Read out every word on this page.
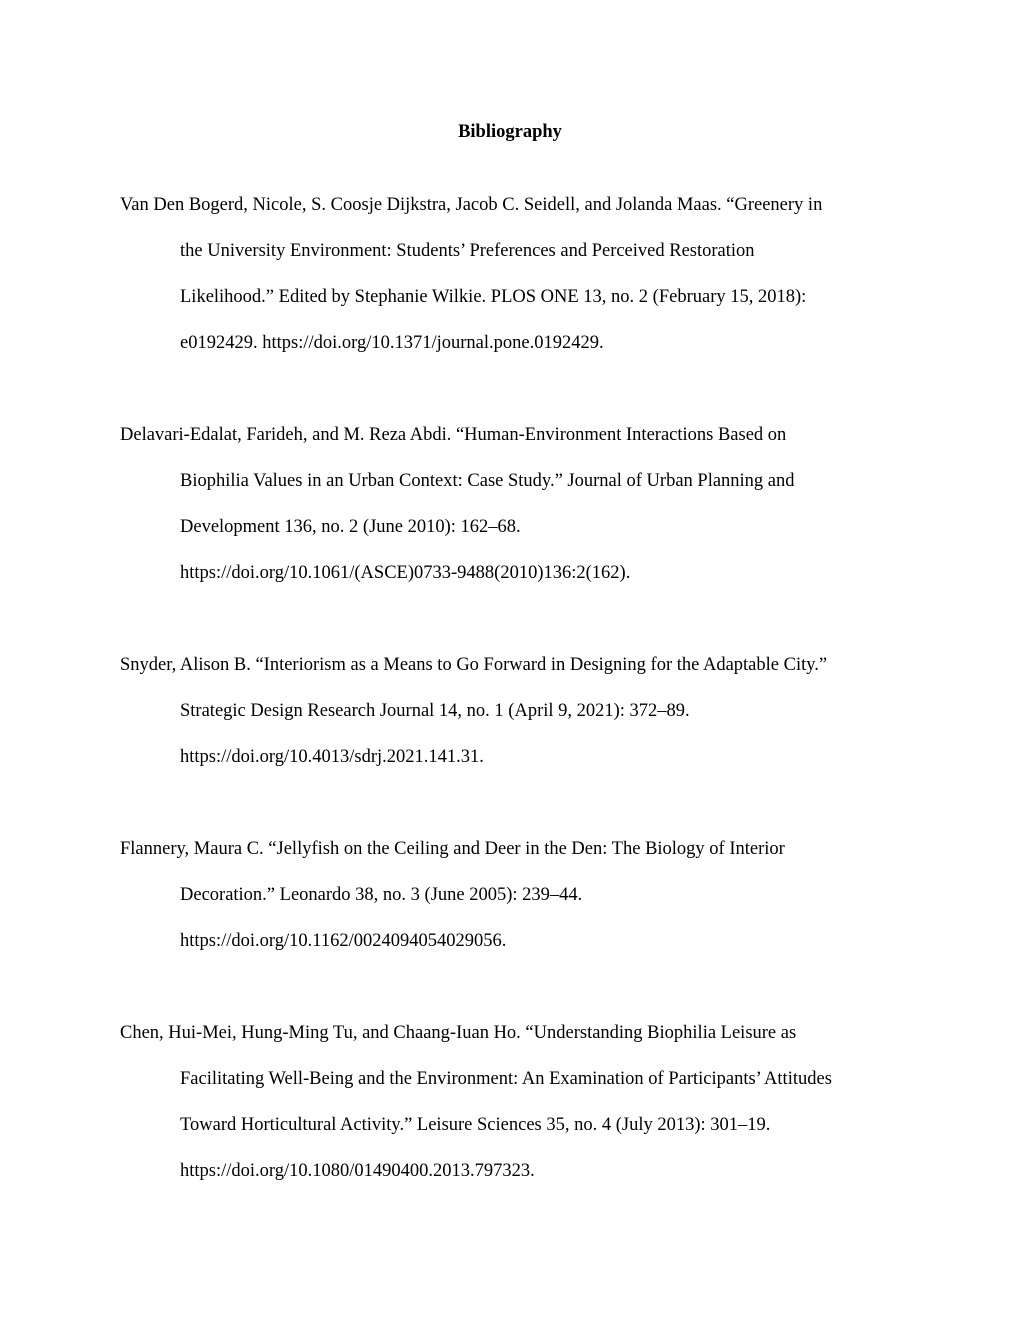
Bibliography
Van Den Bogerd, Nicole, S. Coosje Dijkstra, Jacob C. Seidell, and Jolanda Maas. “Greenery in
the University Environment: Students’ Preferences and Perceived Restoration
Likelihood.” Edited by Stephanie Wilkie. PLOS ONE 13, no. 2 (February 15, 2018):
e0192429. https://doi.org/10.1371/journal.pone.0192429.
Delavari‐Edalat, Farideh, and M. Reza Abdi. “Human‐Environment Interactions Based on
Biophilia Values in an Urban Context: Case Study.” Journal of Urban Planning and
Development 136, no. 2 (June 2010): 162–68.
https://doi.org/10.1061/(ASCE)0733‐9488(2010)136:2(162).
Snyder, Alison B. “Interiorism as a Means to Go Forward in Designing for the Adaptable City.”
Strategic Design Research Journal 14, no. 1 (April 9, 2021): 372–89.
https://doi.org/10.4013/sdrj.2021.141.31.
Flannery, Maura C. “Jellyfish on the Ceiling and Deer in the Den: The Biology of Interior
Decoration.” Leonardo 38, no. 3 (June 2005): 239–44.
https://doi.org/10.1162/0024094054029056.
Chen, Hui‐Mei, Hung‐Ming Tu, and Chaang‐Iuan Ho. “Understanding Biophilia Leisure as
Facilitating Well‐Being and the Environment: An Examination of Participants’ Attitudes
Toward Horticultural Activity.” Leisure Sciences 35, no. 4 (July 2013): 301–19.
https://doi.org/10.1080/01490400.2013.797323.
